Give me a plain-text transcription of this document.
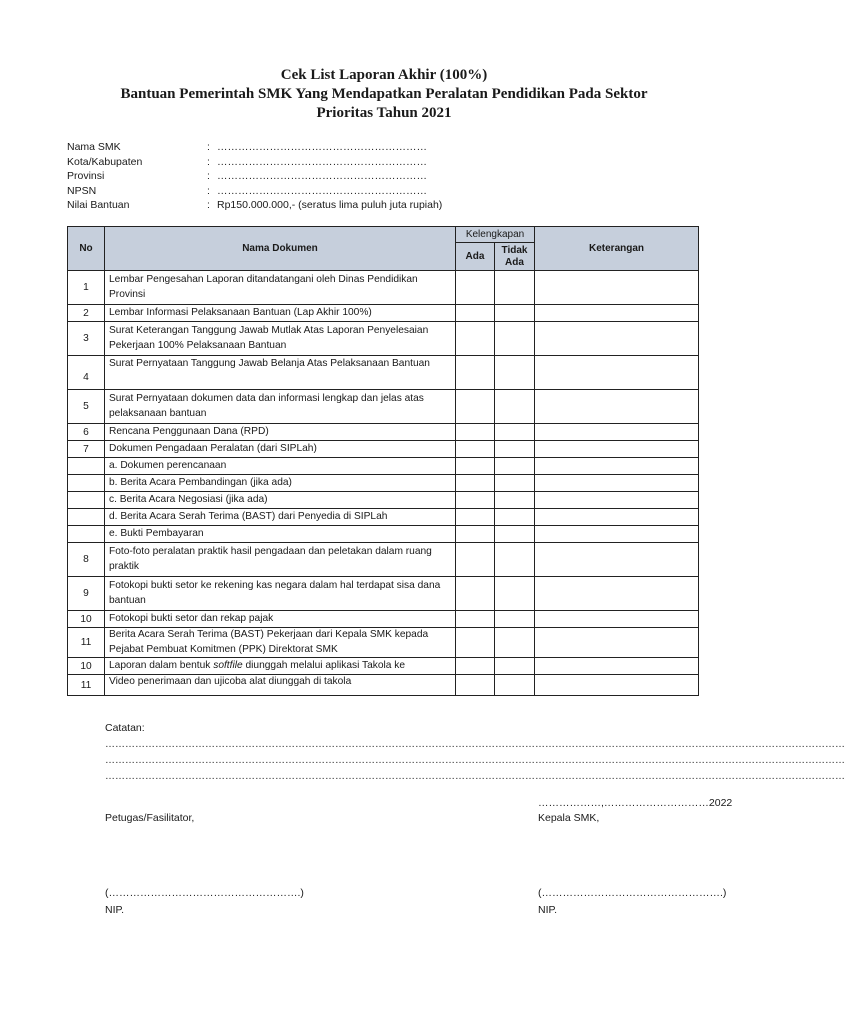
Cek List Laporan Akhir (100%)
Bantuan Pemerintah SMK Yang Mendapatkan Peralatan Pendidikan Pada Sektor
Prioritas Tahun 2021
Nama SMK	: ……………………………………………………
Kota/Kabupaten	: ……………………………………………………
Provinsi	: ……………………………………………………
NPSN	: ……………………………………………………
Nilai Bantuan	: Rp150.000.000,- (seratus lima puluh juta rupiah)
No	Nama Dokumen	Kelengkapan		Keterangan
		Ada	Tidak Ada	
1	Lembar Pengesahan Laporan ditandatangani oleh Dinas Pendidikan Provinsi			
2	Lembar Informasi Pelaksanaan Bantuan (Lap Akhir 100%)			
3	Surat Keterangan Tanggung Jawab Mutlak Atas Laporan Penyelesaian Pekerjaan 100% Pelaksanaan Bantuan			
4	Surat Pernyataan Tanggung Jawab Belanja Atas Pelaksanaan Bantuan			
5	Surat Pernyataan dokumen data dan informasi lengkap dan jelas atas pelaksanaan bantuan			
6	Rencana Penggunaan Dana (RPD)			
7	Dokumen Pengadaan Peralatan (dari SIPLah)			
	a. Dokumen perencanaan			
	b. Berita Acara Pembandingan (jika ada)			
	c. Berita Acara Negosiasi (jika ada)			
	d. Berita Acara Serah Terima (BAST) dari Penyedia di SIPLah			
	e. Bukti Pembayaran			
8	Foto-foto peralatan praktik hasil pengadaan dan peletakan dalam ruang praktik			
9	Fotokopi bukti setor ke rekening kas negara dalam hal terdapat sisa dana bantuan			
10	Fotokopi bukti setor dan rekap pajak			
11	Berita Acara Serah Terima (BAST) Pekerjaan dari Kepala SMK kepada Pejabat Pembuat Komitmen (PPK) Direktorat SMK			
10	Laporan dalam bentuk softfile diunggah melalui aplikasi Takola ke			
11	Video penerimaan dan ujicoba alat diunggah di takola			
Catatan:
……………………………………………………………………………………………………………………………………………………………………………………………………
……………………………………………………………………………………………………………………………………………………………………………………………………
……………………………………………………………………………………………………………………………………………………………………………………………………
………………,…………………………2022
Petugas/Fasilitator,	Kepala SMK,
(……………………………………………….)	(…………………………………………….)
NIP.	NIP.
